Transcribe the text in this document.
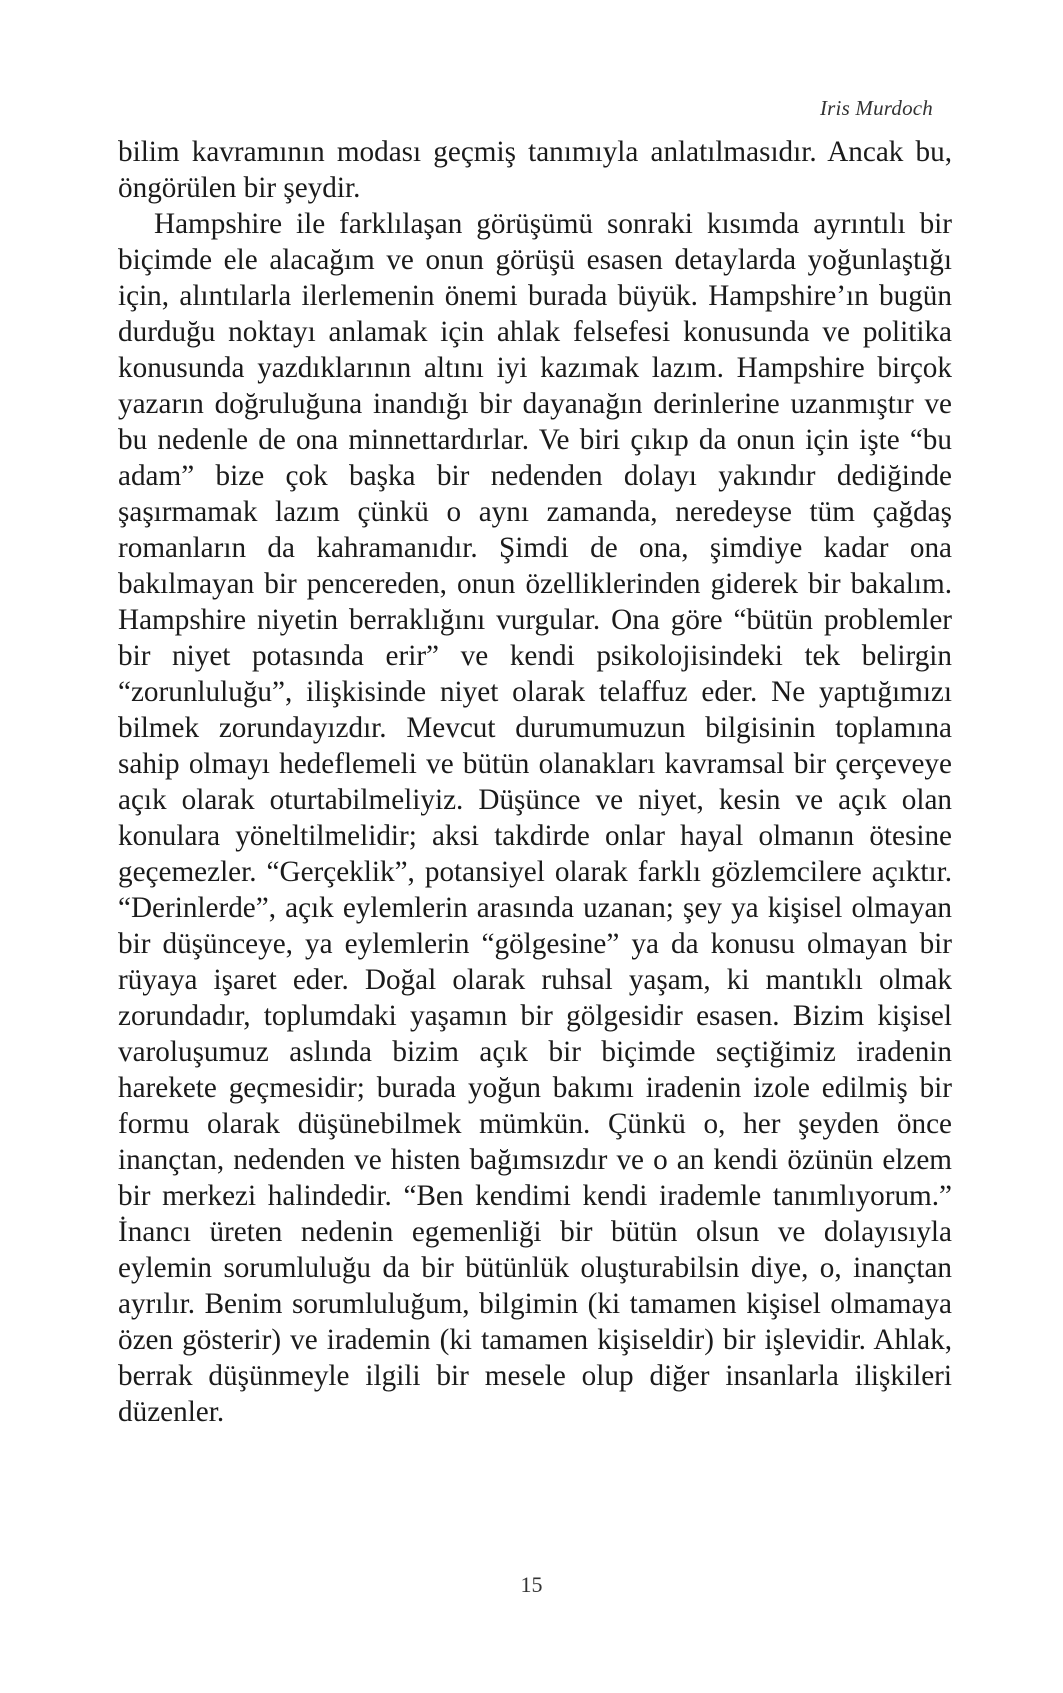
Iris Murdoch

bilim kavramının modası geçmiş tanımıyla anlatılmasıdır. Ancak bu, öngörülen bir şeydir.

Hampshire ile farklılaşan görüşümü sonraki kısımda ayrıntılı bir biçimde ele alacağım ve onun görüşü esasen detaylarda yoğunlaştığı için, alıntılarla ilerlemenin önemi burada büyük. Hampshire’ın bugün durduğu noktayı anlamak için ahlak felsefesi konusunda ve politika konusunda yazdıklarının altını iyi kazımak lazım. Hampshire birçok yazarın doğruluğuna inandığı bir dayanağın derinlerine uzanmıştır ve bu nedenle de ona minnettardırlar. Ve biri çıkıp da onun için işte “bu adam” bize çok başka bir nedenden dolayı yakındır dediğinde şaşırmamak lazım çünkü o aynı zamanda, neredeyse tüm çağdaş romanların da kahramanıdır. Şimdi de ona, şimdiye kadar ona bakılmayan bir pencereden, onun özelliklerinden giderek bir bakalım. Hampshire niyetin berraklığını vurgular. Ona göre “bütün problemler bir niyet potasında erir” ve kendi psikolojisindeki tek belirgin “zorunluluğu”, ilişkisinde niyet olarak telaffuz eder. Ne yaptığımızı bilmek zorundayızdır. Mevcut durumumuzun bilgisinin toplamına sahip olmayı hedeflemeli ve bütün olanakları kavramsal bir çerçeveye açık olarak oturtabilmeliyiz. Düşünce ve niyet, kesin ve açık olan konulara yöneltilmelidir; aksi takdirde onlar hayal olmanın ötesine geçemezler. “Gerçeklik”, potansiyel olarak farklı gözlemcilere açıktır. “Derinlerde”, açık eylemlerin arasında uzanan; şey ya kişisel olmayan bir düşünceye, ya eylemlerin “gölgesine” ya da konusu olmayan bir rüyaya işaret eder. Doğal olarak ruhsal yaşam, ki mantıklı olmak zorundadır, toplumdaki yaşamın bir gölgesidir esasen. Bizim kişisel varoluşumuz aslında bizim açık bir biçimde seçtiğimiz iradenin harekete geçmesidir; burada yoğun bakımı iradenin izole edilmiş bir formu olarak düşünebilmek mümkün. Çünkü o, her şeyden önce inançtan, nedenden ve histen bağımsızdır ve o an kendi özünün elzem bir merkezi halindedir. “Ben kendimi kendi irademle tanımlıyorum.” İnancı üreten nedenin egemenliği bir bütün olsun ve dolayısıyla eylemin sorumluluğu da bir bütünlük oluşturabilsin diye, o, inançtan ayrılır. Benim sorumluluğum, bilgimin (ki tamamen kişisel olmamaya özen gösterir) ve irademin (ki tamamen kişiseldir) bir işlevidir. Ahlak, berrak düşünmeyle ilgili bir mesele olup diğer insanlarla ilişkileri düzenler.

15
